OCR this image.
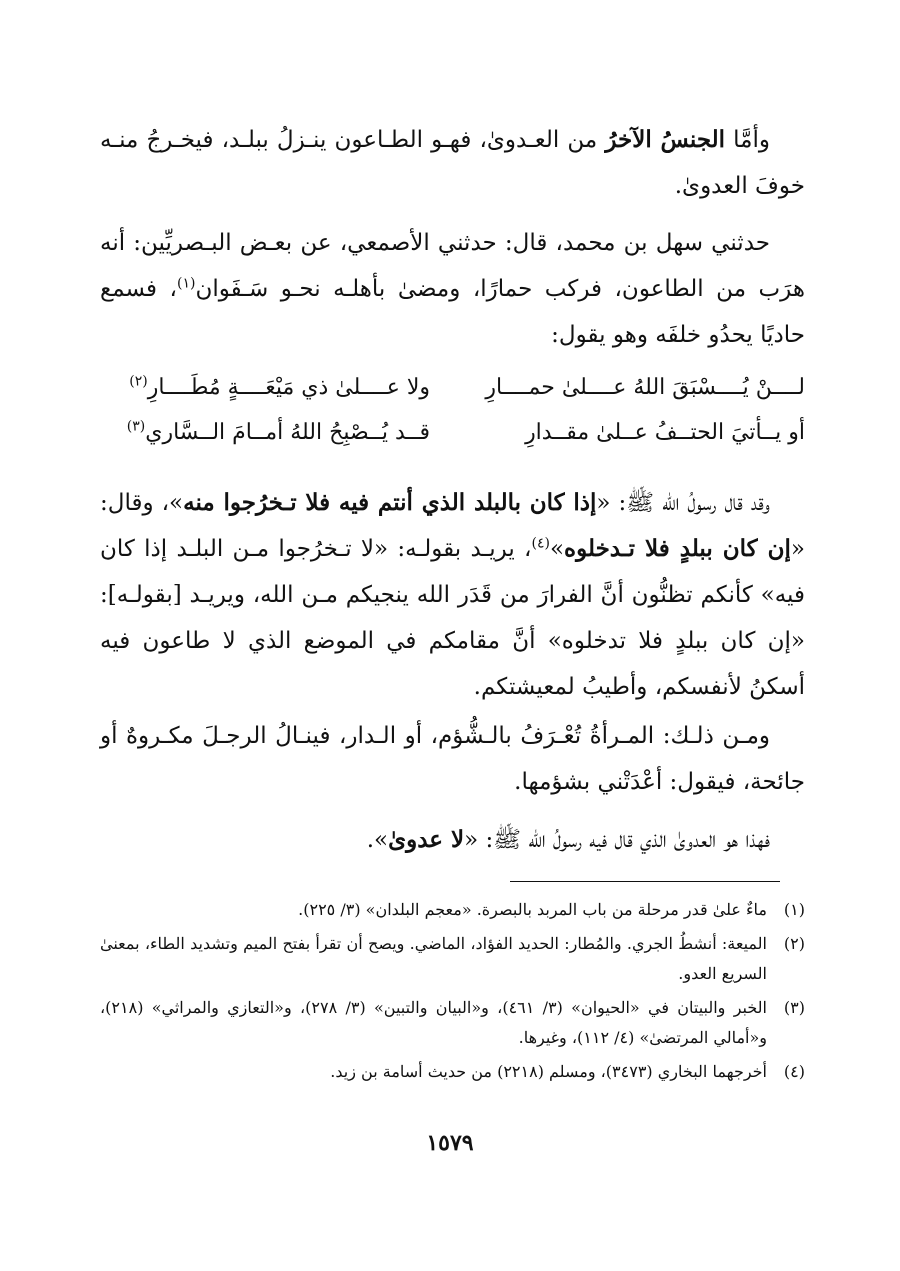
وأمَّا الجنسُ الآخرُ من العـدوىٰ، فهـو الطـاعون ينـزلُ ببلـد، فيخـرجُ منـه خوفَ العدوىٰ.

حدثني سهل بن محمد، قال: حدثني الأصمعي، عن بعـض البـصريِّين: أنه هرَب من الطاعون، فركب حمارًا، ومضىٰ بأهلـه نحـو سَـفَوان$^{(١)}$، فسمع حاديًا يحدُو خلفَه وهو يقول:

لــــنْ يُــــسْبَقَ اللهُ عــــلىٰ حمــــارِ
ولا عــــلىٰ ذي مَيْعَــــةٍ مُطَــــارِ$^{(٢)}$
أو يــأتيَ الحتــفُ عــلىٰ مقــدارِ
قــد يُــصْبِحُ اللهُ أمــامَ الــسَّاري$^{(٣)}$

وقد قال رسولُ الله ﷺ: «إذا كان بالبلد الذي أنتم فيه فلا تـخرُجوا منه»، وقال: «إن كان ببلدٍ فلا تـدخلوه»$^{(٤)}$، يريـد بقولـه: «لا تـخرُجوا مـن البلـد إذا كان فيه» كأنكم تظنُّون أنَّ الفرارَ من قَدَر الله ينجيكم مـن الله، ويريـد [بقولـه]: «إن كان ببلدٍ فلا تدخلوه» أنَّ مقامكم في الموضع الذي لا طاعون فيه أسكنُ لأنفسكم، وأطيبُ لمعيشتكم.

ومـن ذلـك: المـرأةُ تُعْـرَفُ بالـشُّؤم، أو الـدار، فينـالُ الرجـلَ مكـروهٌ أو جائحة، فيقول: أعْدَتْني بشؤمها.

فهذا هو العدوىٰ الذي قال فيه رسولُ الله ﷺ: «لا عدوىٰ».

(١)
ماءٌ علىٰ قدر مرحلة من باب المربد بالبصرة. «معجم البلدان» (٣/ ٢٢٥).
(٢)
الميعة: أنشطُ الجري. والمُطار: الحديد الفؤاد، الماضي. ويصح أن تقرأ بفتح الميم وتشديد الطاء، بمعنىٰ السريع العدو.
(٣)
الخبر والبيتان في «الحيوان» (٣/ ٤٦١)، و«البيان والتبين» (٣/ ٢٧٨)، و«التعازي والمراثي» (٢١٨)، و«أمالي المرتضىٰ» (٤/ ١١٢)، وغيرها.
(٤)
أخرجهما البخاري (٣٤٧٣)، ومسلم (٢٢١٨) من حديث أسامة بن زيد.
١٥٧٩
